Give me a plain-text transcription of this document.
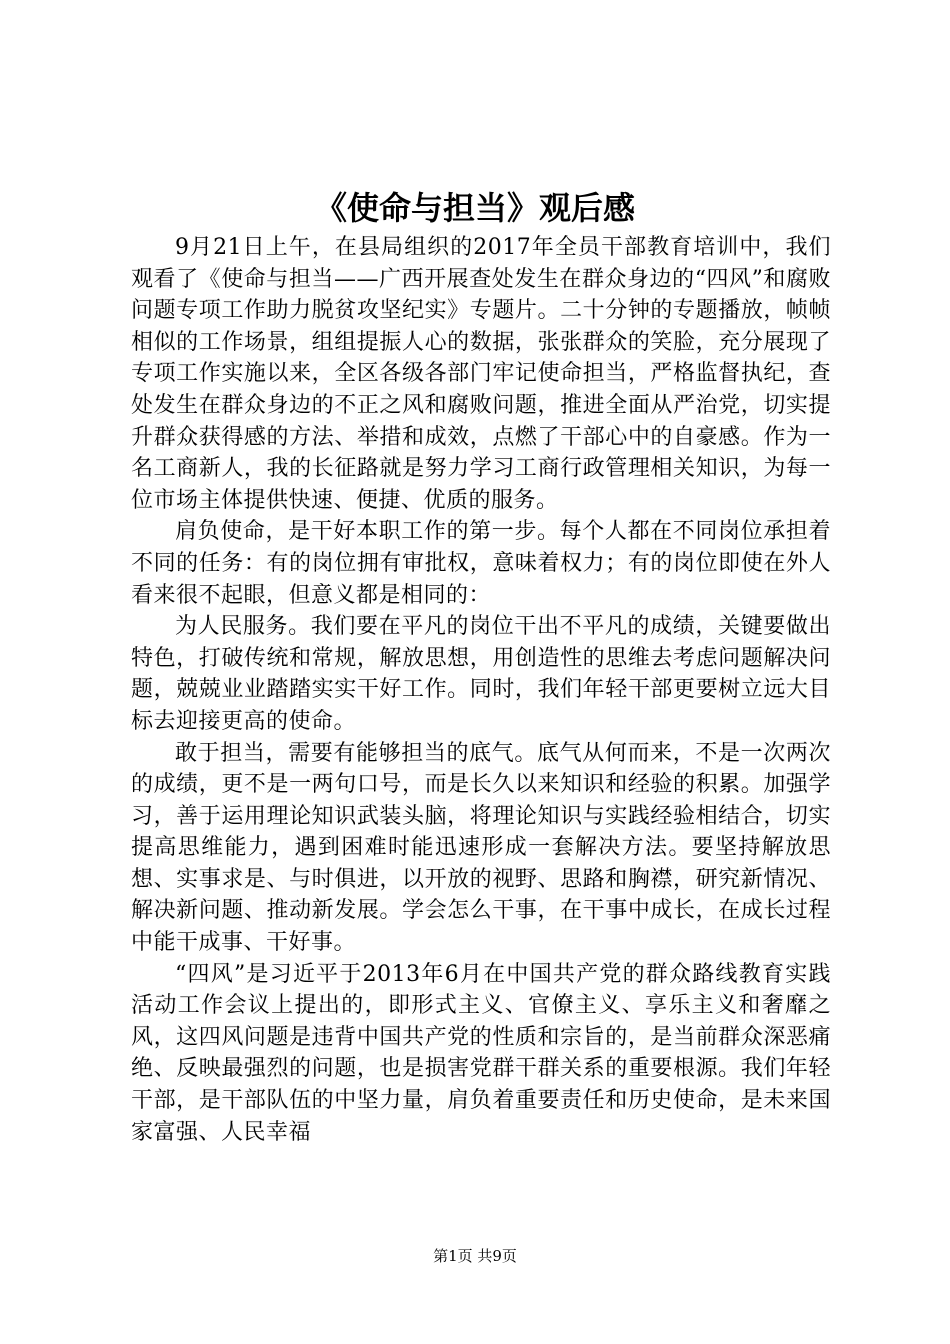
《使命与担当》观后感

9月21日上午，在县局组织的2017年全员干部教育培训中，我们观看了《使命与担当——广西开展查处发生在群众身边的“四风”和腐败问题专项工作助力脱贫攻坚纪实》专题片。二十分钟的专题播放，帧帧相似的工作场景，组组提振人心的数据，张张群众的笑脸，充分展现了专项工作实施以来，全区各级各部门牢记使命担当，严格监督执纪，查处发生在群众身边的不正之风和腐败问题，推进全面从严治党，切实提升群众获得感的方法、举措和成效，点燃了干部心中的自豪感。作为一名工商新人，我的长征路就是努力学习工商行政管理相关知识，为每一位市场主体提供快速、便捷、优质的服务。

肩负使命，是干好本职工作的第一步。每个人都在不同岗位承担着不同的任务：有的岗位拥有审批权，意味着权力；有的岗位即使在外人看来很不起眼，但意义都是相同的：

为人民服务。我们要在平凡的岗位干出不平凡的成绩，关键要做出特色，打破传统和常规，解放思想，用创造性的思维去考虑问题解决问题，兢兢业业踏踏实实干好工作。同时，我们年轻干部更要树立远大目标去迎接更高的使命。

敢于担当，需要有能够担当的底气。底气从何而来，不是一次两次的成绩，更不是一两句口号，而是长久以来知识和经验的积累。加强学习，善于运用理论知识武装头脑，将理论知识与实践经验相结合，切实提高思维能力，遇到困难时能迅速形成一套解决方法。要坚持解放思想、实事求是、与时俱进，以开放的视野、思路和胸襟，研究新情况、解决新问题、推动新发展。学会怎么干事，在干事中成长，在成长过程中能干成事、干好事。

“四风”是习近平于2013年6月在中国共产党的群众路线教育实践活动工作会议上提出的，即形式主义、官僚主义、享乐主义和奢靡之风，这四风问题是违背中国共产党的性质和宗旨的，是当前群众深恶痛绝、反映最强烈的问题，也是损害党群干群关系的重要根源。我们年轻干部，是干部队伍的中坚力量，肩负着重要责任和历史使命，是未来国家富强、人民幸福

第1页 共9页
